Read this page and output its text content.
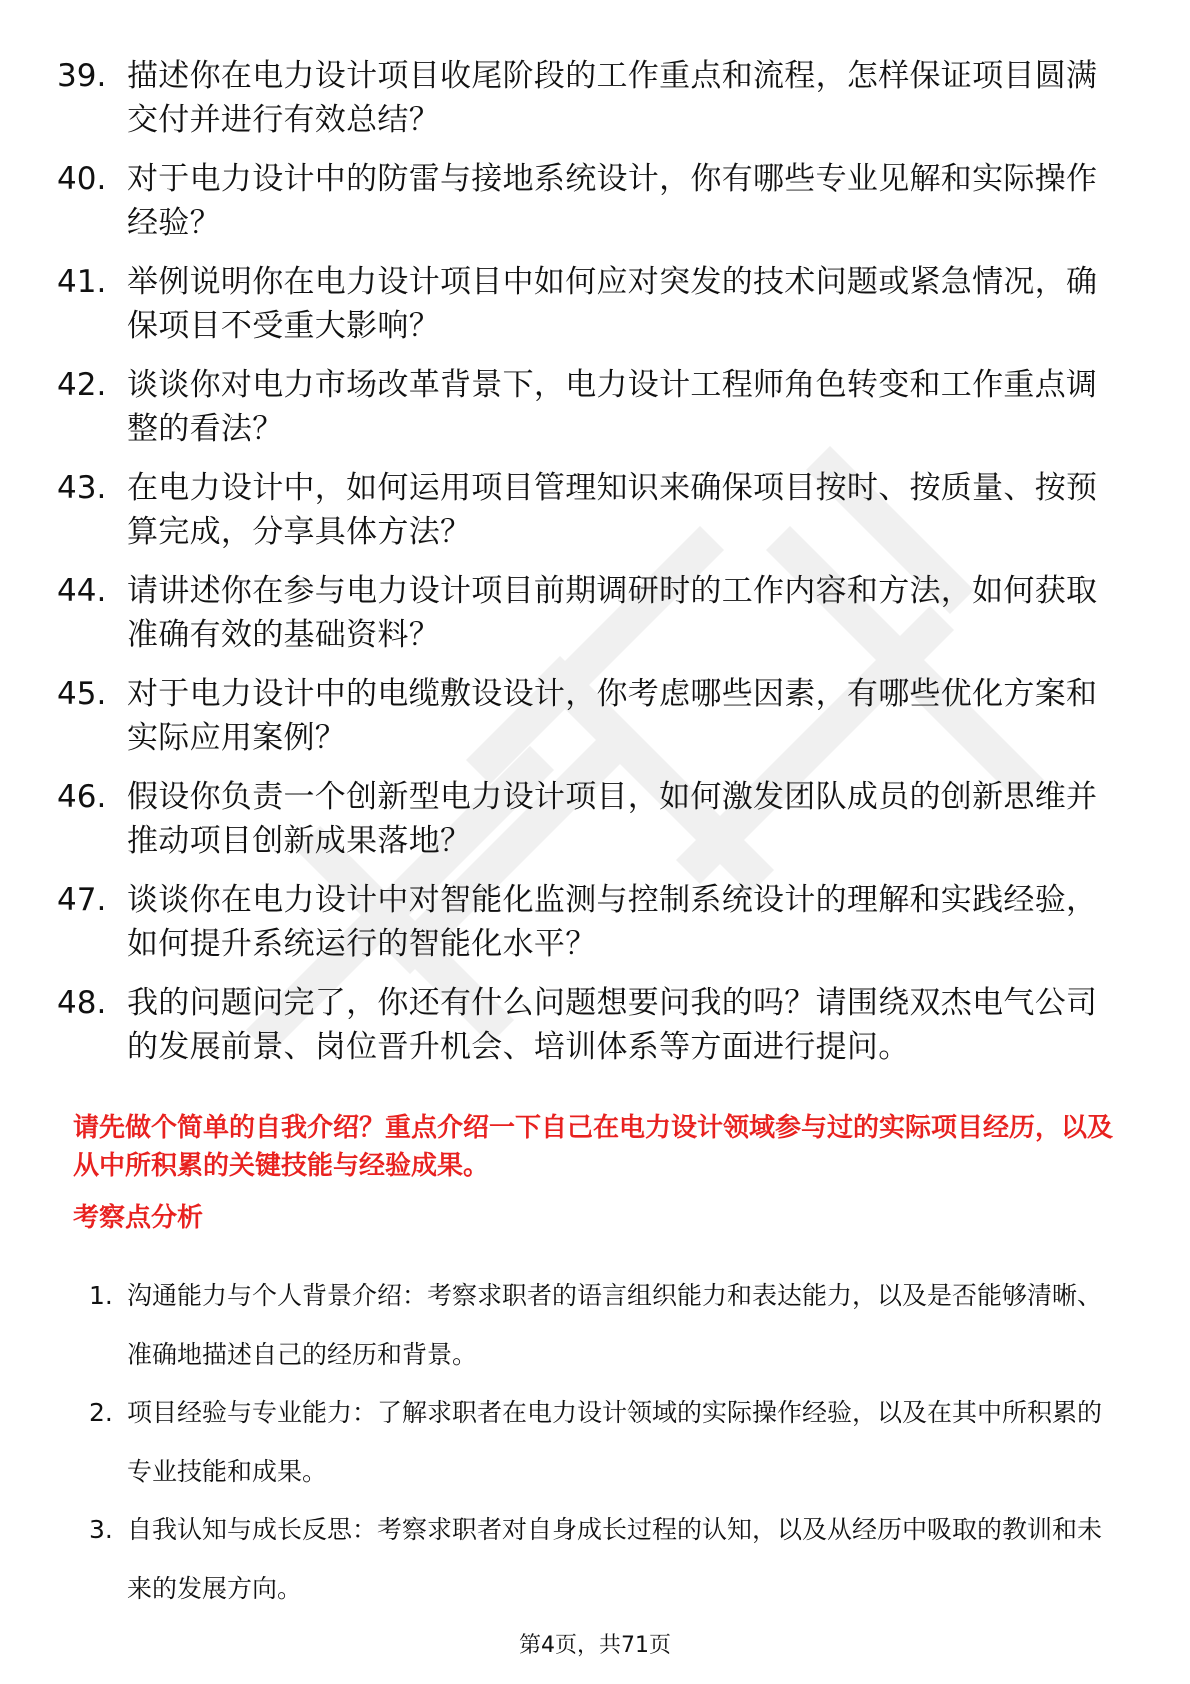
39. 描述你在电力设计项目收尾阶段的工作重点和流程，怎样保证项目圆满交付并进行有效总结？
40. 对于电力设计中的防雷与接地系统设计，你有哪些专业见解和实际操作经验？
41. 举例说明你在电力设计项目中如何应对突发的技术问题或紧急情况，确保项目不受重大影响？
42. 谈谈你对电力市场改革背景下，电力设计工程师角色转变和工作重点调整的看法？
43. 在电力设计中，如何运用项目管理知识来确保项目按时、按质量、按预算完成，分享具体方法？
44. 请讲述你在参与电力设计项目前期调研时的工作内容和方法，如何获取准确有效的基础资料？
45. 对于电力设计中的电缆敷设设计，你考虑哪些因素，有哪些优化方案和实际应用案例？
46. 假设你负责一个创新型电力设计项目，如何激发团队成员的创新思维并推动项目创新成果落地？
47. 谈谈你在电力设计中对智能化监测与控制系统设计的理解和实践经验，如何提升系统运行的智能化水平？
48. 我的问题问完了，你还有什么问题想要问我的吗？请围绕双杰电气公司的发展前景、岗位晋升机会、培训体系等方面进行提问。
请先做个简单的自我介绍？重点介绍一下自己在电力设计领域参与过的实际项目经历，以及从中所积累的关键技能与经验成果。
考察点分析
1. 沟通能力与个人背景介绍：考察求职者的语言组织能力和表达能力，以及是否能够清晰、准确地描述自己的经历和背景。
2. 项目经验与专业能力：了解求职者在电力设计领域的实际操作经验，以及在其中所积累的专业技能和成果。
3. 自我认知与成长反思：考察求职者对自身成长过程的认知，以及从经历中吸取的教训和未来的发展方向。
第4页，共71页
